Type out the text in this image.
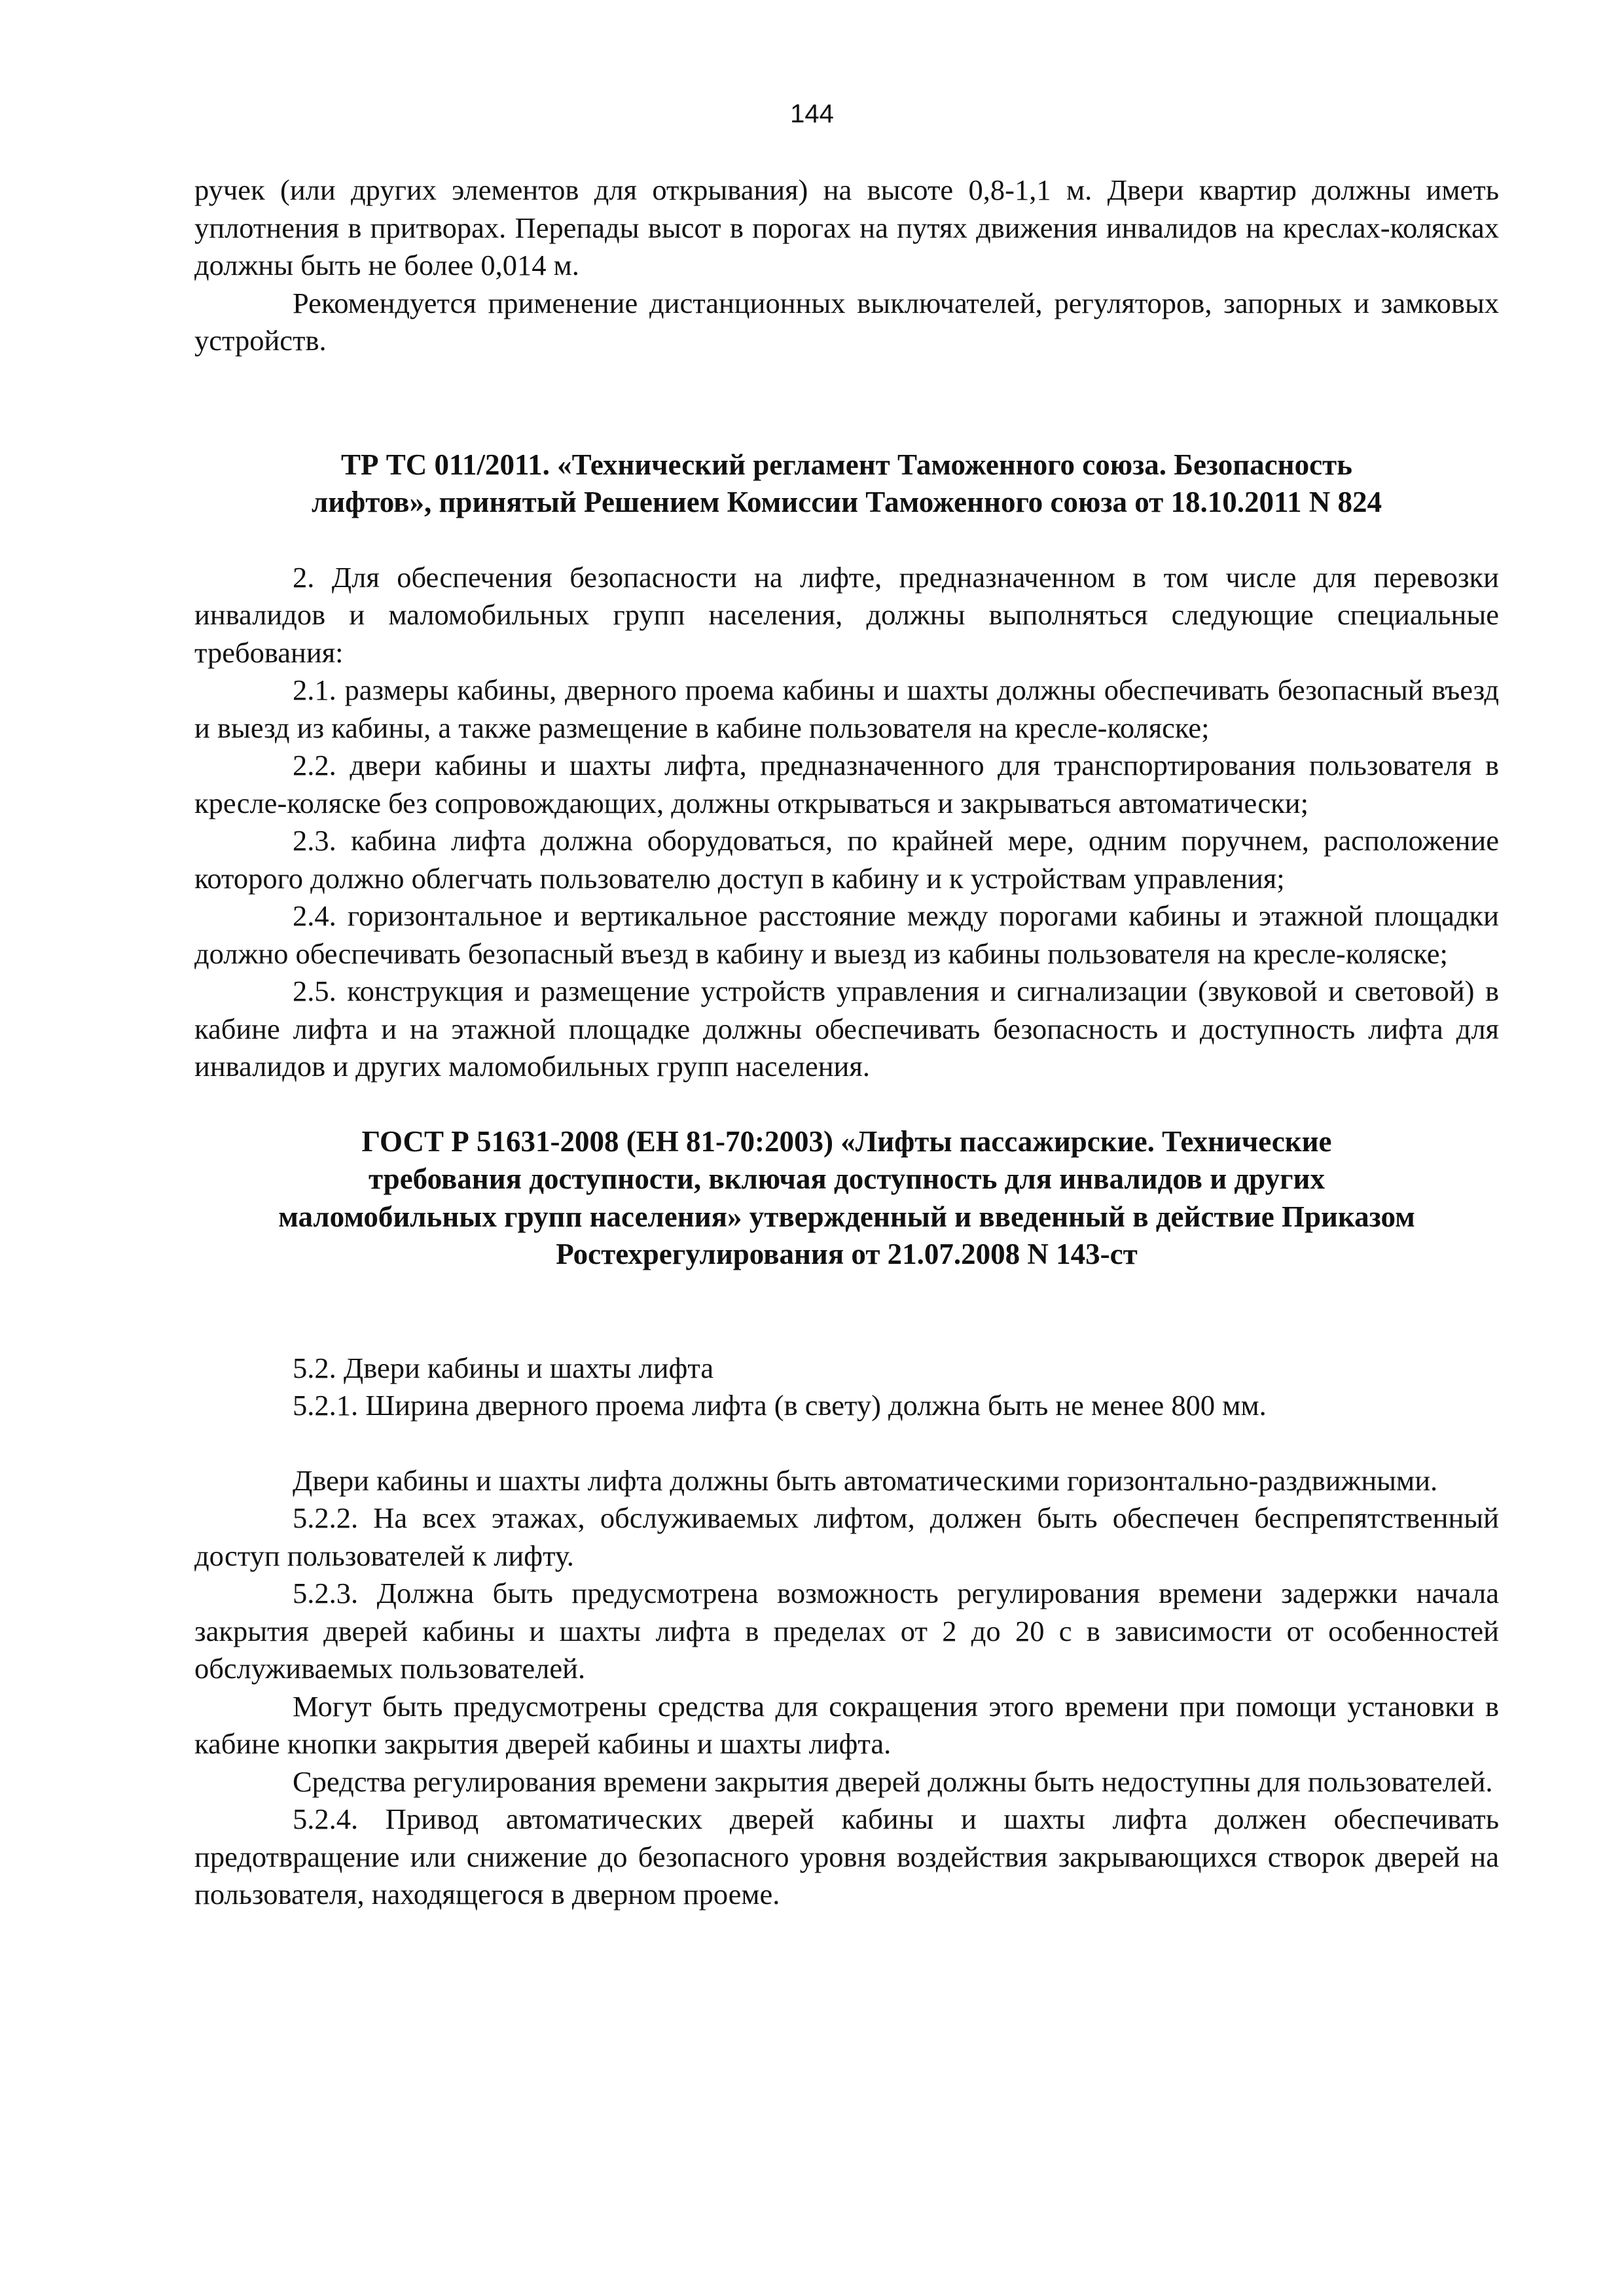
144

ручек (или других элементов для открывания) на высоте 0,8-1,1 м. Двери квартир должны иметь уплотнения в притворах. Перепады высот в порогах на путях движения инвалидов на креслах-колясках должны быть не более 0,014 м.

Рекомендуется применение дистанционных выключателей, регуляторов, запорных и замковых устройств.

ТР ТС 011/2011. «Технический регламент Таможенного союза. Безопасность
лифтов», принятый Решением Комиссии Таможенного союза от 18.10.2011 N 824

2. Для обеспечения безопасности на лифте, предназначенном в том числе для перевозки инвалидов и маломобильных групп населения, должны выполняться следующие специальные требования:

2.1. размеры кабины, дверного проема кабины и шахты должны обеспечивать безопасный въезд и выезд из кабины, а также размещение в кабине пользователя на кресле-коляске;

2.2. двери кабины и шахты лифта, предназначенного для транспортирования пользователя в кресле-коляске без сопровождающих, должны открываться и закрываться автоматически;

2.3. кабина лифта должна оборудоваться, по крайней мере, одним поручнем, расположение которого должно облегчать пользователю доступ в кабину и к устройствам управления;

2.4. горизонтальное и вертикальное расстояние между порогами кабины и этажной площадки должно обеспечивать безопасный въезд в кабину и выезд из кабины пользователя на кресле-коляске;

2.5. конструкция и размещение устройств управления и сигнализации (звуковой и световой) в кабине лифта и на этажной площадке должны обеспечивать безопасность и доступность лифта для инвалидов и других маломобильных групп населения.

ГОСТ Р 51631-2008 (ЕН 81-70:2003) «Лифты пассажирские. Технические
требования доступности, включая доступность для инвалидов и других
маломобильных групп населения» утвержденный и введенный в действие Приказом
Ростехрегулирования от 21.07.2008 N 143-ст

5.2. Двери кабины и шахты лифта

5.2.1. Ширина дверного проема лифта (в свету) должна быть не менее 800 мм.

Двери кабины и шахты лифта должны быть автоматическими горизонтально-раздвижными.

5.2.2. На всех этажах, обслуживаемых лифтом, должен быть обеспечен беспрепятственный доступ пользователей к лифту.

5.2.3. Должна быть предусмотрена возможность регулирования времени задержки начала закрытия дверей кабины и шахты лифта в пределах от 2 до 20 с в зависимости от особенностей обслуживаемых пользователей.

Могут быть предусмотрены средства для сокращения этого времени при помощи установки в кабине кнопки закрытия дверей кабины и шахты лифта.

Средства регулирования времени закрытия дверей должны быть недоступны для пользователей.

5.2.4. Привод автоматических дверей кабины и шахты лифта должен обеспечивать предотвращение или снижение до безопасного уровня воздействия закрывающихся створок дверей на пользователя, находящегося в дверном проеме.
